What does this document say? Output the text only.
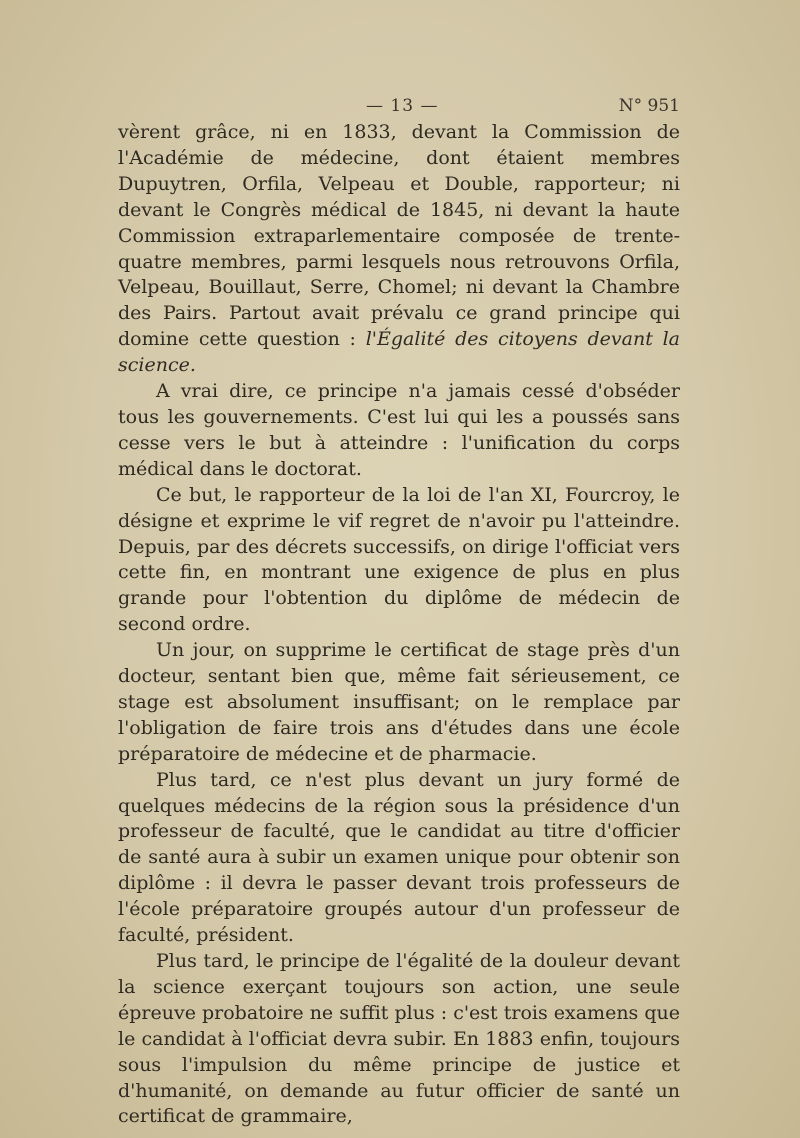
— 13 —	N° 951

vèrent grâce, ni en 1833, devant la Commission de l'Académie de médecine, dont étaient membres Dupuytren, Orfila, Velpeau et Double, rapporteur; ni devant le Congrès médical de 1845, ni devant la haute Commission extraparlementaire composée de trente-quatre membres, parmi lesquels nous retrouvons Orfila, Velpeau, Bouillaut, Serre, Chomel; ni devant la Chambre des Pairs. Partout avait prévalu ce grand principe qui domine cette question : l'Égalité des citoyens devant la science.

A vrai dire, ce principe n'a jamais cessé d'obséder tous les gouvernements. C'est lui qui les a poussés sans cesse vers le but à atteindre : l'unification du corps médical dans le doctorat.

Ce but, le rapporteur de la loi de l'an XI, Fourcroy, le désigne et exprime le vif regret de n'avoir pu l'atteindre. Depuis, par des décrets successifs, on dirige l'officiat vers cette fin, en montrant une exigence de plus en plus grande pour l'obtention du diplôme de médecin de second ordre.

Un jour, on supprime le certificat de stage près d'un docteur, sentant bien que, même fait sérieusement, ce stage est absolument insuffisant; on le remplace par l'obligation de faire trois ans d'études dans une école préparatoire de médecine et de pharmacie.

Plus tard, ce n'est plus devant un jury formé de quelques médecins de la région sous la présidence d'un professeur de faculté, que le candidat au titre d'officier de santé aura à subir un examen unique pour obtenir son diplôme : il devra le passer devant trois professeurs de l'école préparatoire groupés autour d'un professeur de faculté, président.

Plus tard, le principe de l'égalité de la douleur devant la science exerçant toujours son action, une seule épreuve probatoire ne suffit plus : c'est trois examens que le candidat à l'officiat devra subir. En 1883 enfin, toujours sous l'impulsion du même principe de justice et d'humanité, on demande au futur officier de santé un certificat de grammaire,
